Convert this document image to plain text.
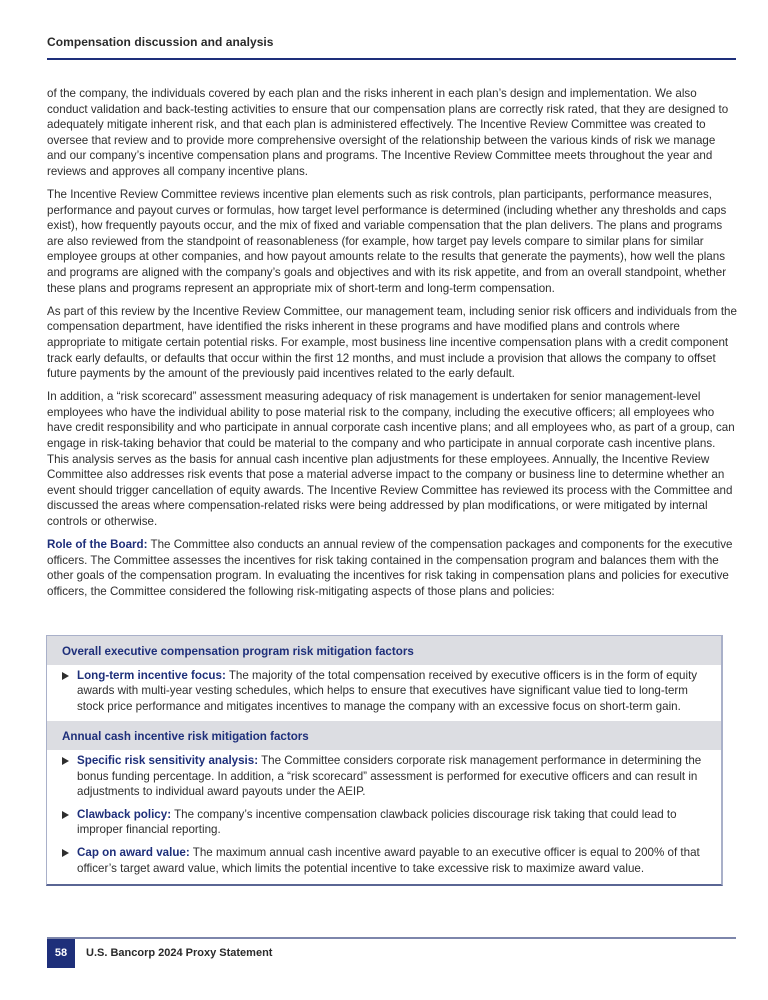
Compensation discussion and analysis

of the company, the individuals covered by each plan and the risks inherent in each plan’s design and implementation. We also conduct validation and back-testing activities to ensure that our compensation plans are correctly risk rated, that they are designed to adequately mitigate inherent risk, and that each plan is administered effectively. The Incentive Review Committee was created to oversee that review and to provide more comprehensive oversight of the relationship between the various kinds of risk we manage and our company’s incentive compensation plans and programs. The Incentive Review Committee meets throughout the year and reviews and approves all company incentive plans.

The Incentive Review Committee reviews incentive plan elements such as risk controls, plan participants, performance measures, performance and payout curves or formulas, how target level performance is determined (including whether any thresholds and caps exist), how frequently payouts occur, and the mix of fixed and variable compensation that the plan delivers. The plans and programs are also reviewed from the standpoint of reasonableness (for example, how target pay levels compare to similar plans for similar employee groups at other companies, and how payout amounts relate to the results that generate the payments), how well the plans and programs are aligned with the company’s goals and objectives and with its risk appetite, and from an overall standpoint, whether these plans and programs represent an appropriate mix of short-term and long-term compensation.

As part of this review by the Incentive Review Committee, our management team, including senior risk officers and individuals from the compensation department, have identified the risks inherent in these programs and have modified plans and controls where appropriate to mitigate certain potential risks. For example, most business line incentive compensation plans with a credit component track early defaults, or defaults that occur within the first 12 months, and must include a provision that allows the company to offset future payments by the amount of the previously paid incentives related to the early default.

In addition, a “risk scorecard” assessment measuring adequacy of risk management is undertaken for senior management-level employees who have the individual ability to pose material risk to the company, including the executive officers; all employees who have credit responsibility and who participate in annual corporate cash incentive plans; and all employees who, as part of a group, can engage in risk-taking behavior that could be material to the company and who participate in annual corporate cash incentive plans. This analysis serves as the basis for annual cash incentive plan adjustments for these employees. Annually, the Incentive Review Committee also addresses risk events that pose a material adverse impact to the company or business line to determine whether an event should trigger cancellation of equity awards. The Incentive Review Committee has reviewed its process with the Committee and discussed the areas where compensation-related risks were being addressed by plan modifications, or were mitigated by internal controls or otherwise.

Role of the Board: The Committee also conducts an annual review of the compensation packages and components for the executive officers. The Committee assesses the incentives for risk taking contained in the compensation program and balances them with the other goals of the compensation program. In evaluating the incentives for risk taking in compensation plans and policies for executive officers, the Committee considered the following risk-mitigating aspects of those plans and policies:

Overall executive compensation program risk mitigation factors
Long-term incentive focus: The majority of the total compensation received by executive officers is in the form of equity awards with multi-year vesting schedules, which helps to ensure that executives have significant value tied to long-term stock price performance and mitigates incentives to manage the company with an excessive focus on short-term gain.
Annual cash incentive risk mitigation factors
Specific risk sensitivity analysis: The Committee considers corporate risk management performance in determining the bonus funding percentage. In addition, a “risk scorecard” assessment is performed for executive officers and can result in adjustments to individual award payouts under the AEIP.
Clawback policy: The company’s incentive compensation clawback policies discourage risk taking that could lead to improper financial reporting.
Cap on award value: The maximum annual cash incentive award payable to an executive officer is equal to 200% of that officer’s target award value, which limits the potential incentive to take excessive risk to maximize award value.
58	U.S. Bancorp 2024 Proxy Statement
